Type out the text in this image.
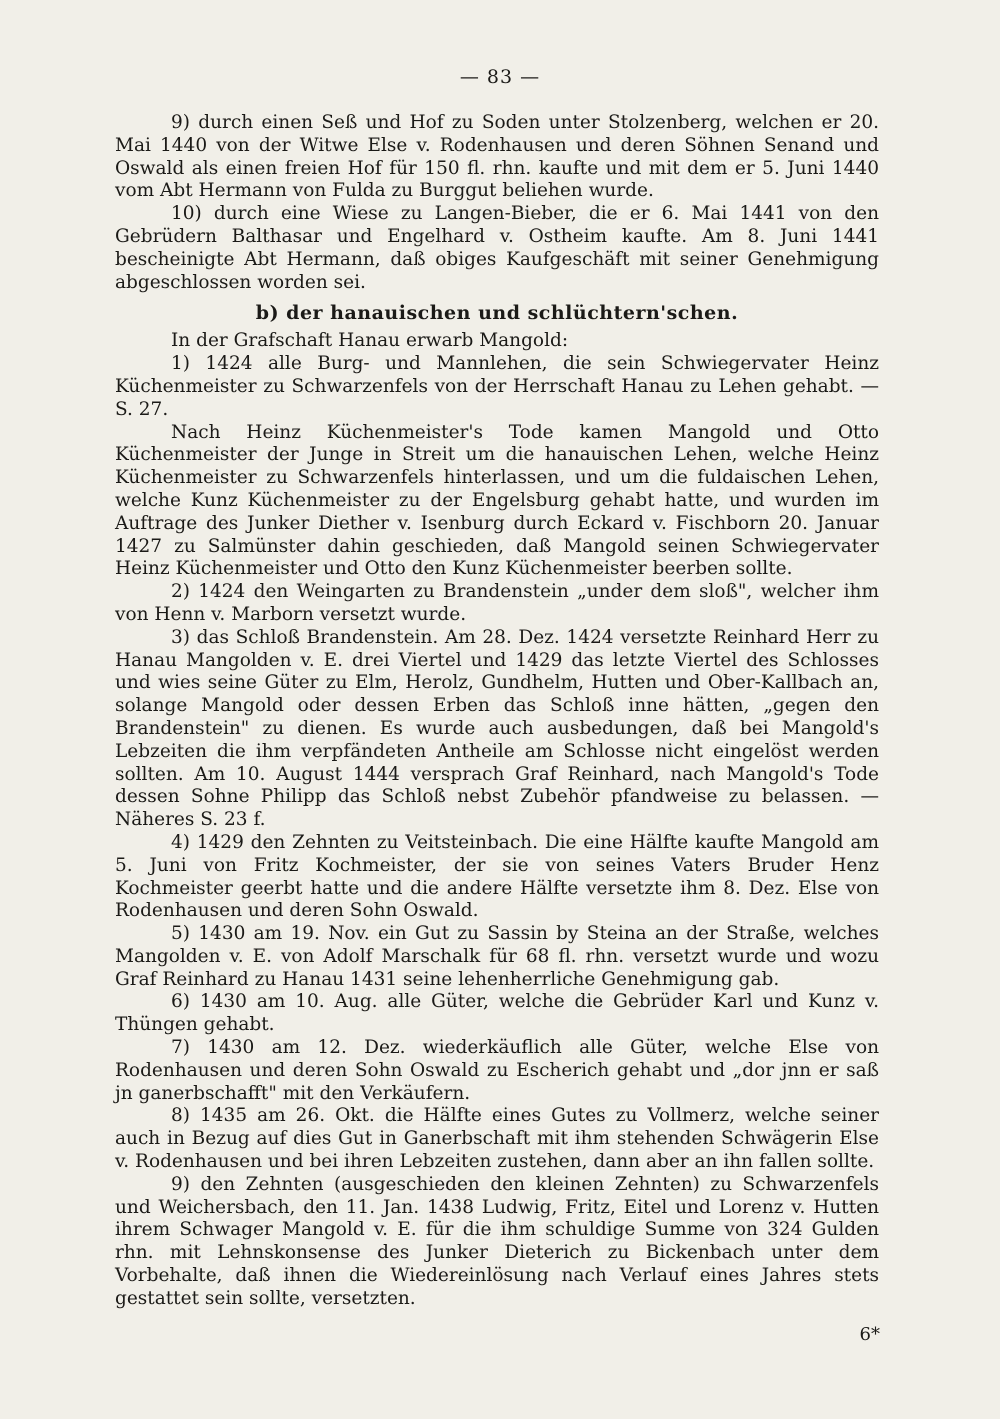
— 83 —

9) durch einen Seß und Hof zu Soden unter Stolzenberg, welchen er 20. Mai 1440 von der Witwe Else v. Rodenhausen und deren Söhnen Senand und Oswald als einen freien Hof für 150 fl. rhn. kaufte und mit dem er 5. Juni 1440 vom Abt Hermann von Fulda zu Burggut beliehen wurde.

10) durch eine Wiese zu Langen-Bieber, die er 6. Mai 1441 von den Gebrüdern Balthasar und Engelhard v. Ostheim kaufte. Am 8. Juni 1441 bescheinigte Abt Hermann, daß obiges Kaufgeschäft mit seiner Genehmigung abgeschlossen worden sei.

b) der hanauischen und schlüchtern'schen.

In der Grafschaft Hanau erwarb Mangold:

1) 1424 alle Burg- und Mannlehen, die sein Schwiegervater Heinz Küchenmeister zu Schwarzenfels von der Herrschaft Hanau zu Lehen gehabt. — S. 27.

Nach Heinz Küchenmeister's Tode kamen Mangold und Otto Küchenmeister der Junge in Streit um die hanauischen Lehen, welche Heinz Küchenmeister zu Schwarzenfels hinterlassen, und um die fuldaischen Lehen, welche Kunz Küchenmeister zu der Engelsburg gehabt hatte, und wurden im Auftrage des Junker Diether v. Isenburg durch Eckard v. Fischborn 20. Januar 1427 zu Salmünster dahin geschieden, daß Mangold seinen Schwiegervater Heinz Küchenmeister und Otto den Kunz Küchenmeister beerben sollte.

2) 1424 den Weingarten zu Brandenstein „under dem sloß", welcher ihm von Henn v. Marborn versetzt wurde.

3) das Schloß Brandenstein. Am 28. Dez. 1424 versetzte Reinhard Herr zu Hanau Mangolden v. E. drei Viertel und 1429 das letzte Viertel des Schlosses und wies seine Güter zu Elm, Herolz, Gundhelm, Hutten und Ober-Kallbach an, solange Mangold oder dessen Erben das Schloß inne hätten, „gegen den Brandenstein" zu dienen. Es wurde auch ausbedungen, daß bei Mangold's Lebzeiten die ihm verpfändeten Antheile am Schlosse nicht eingelöst werden sollten. Am 10. August 1444 versprach Graf Reinhard, nach Mangold's Tode dessen Sohne Philipp das Schloß nebst Zubehör pfandweise zu belassen. — Näheres S. 23 f.

4) 1429 den Zehnten zu Veitsteinbach. Die eine Hälfte kaufte Mangold am 5. Juni von Fritz Kochmeister, der sie von seines Vaters Bruder Henz Kochmeister geerbt hatte und die andere Hälfte versetzte ihm 8. Dez. Else von Rodenhausen und deren Sohn Oswald.

5) 1430 am 19. Nov. ein Gut zu Sassin by Steina an der Straße, welches Mangolden v. E. von Adolf Marschalk für 68 fl. rhn. versetzt wurde und wozu Graf Reinhard zu Hanau 1431 seine lehenherrliche Genehmigung gab.

6) 1430 am 10. Aug. alle Güter, welche die Gebrüder Karl und Kunz v. Thüngen gehabt.

7) 1430 am 12. Dez. wiederkäuflich alle Güter, welche Else von Rodenhausen und deren Sohn Oswald zu Escherich gehabt und „dor jnn er saß jn ganerbschafft" mit den Verkäufern.

8) 1435 am 26. Okt. die Hälfte eines Gutes zu Vollmerz, welche seiner auch in Bezug auf dies Gut in Ganerbschaft mit ihm stehenden Schwägerin Else v. Rodenhausen und bei ihren Lebzeiten zustehen, dann aber an ihn fallen sollte.

9) den Zehnten (ausgeschieden den kleinen Zehnten) zu Schwarzenfels und Weichersbach, den 11. Jan. 1438 Ludwig, Fritz, Eitel und Lorenz v. Hutten ihrem Schwager Mangold v. E. für die ihm schuldige Summe von 324 Gulden rhn. mit Lehnskonsense des Junker Dieterich zu Bickenbach unter dem Vorbehalte, daß ihnen die Wiedereinlösung nach Verlauf eines Jahres stets gestattet sein sollte, versetzten.

6*
